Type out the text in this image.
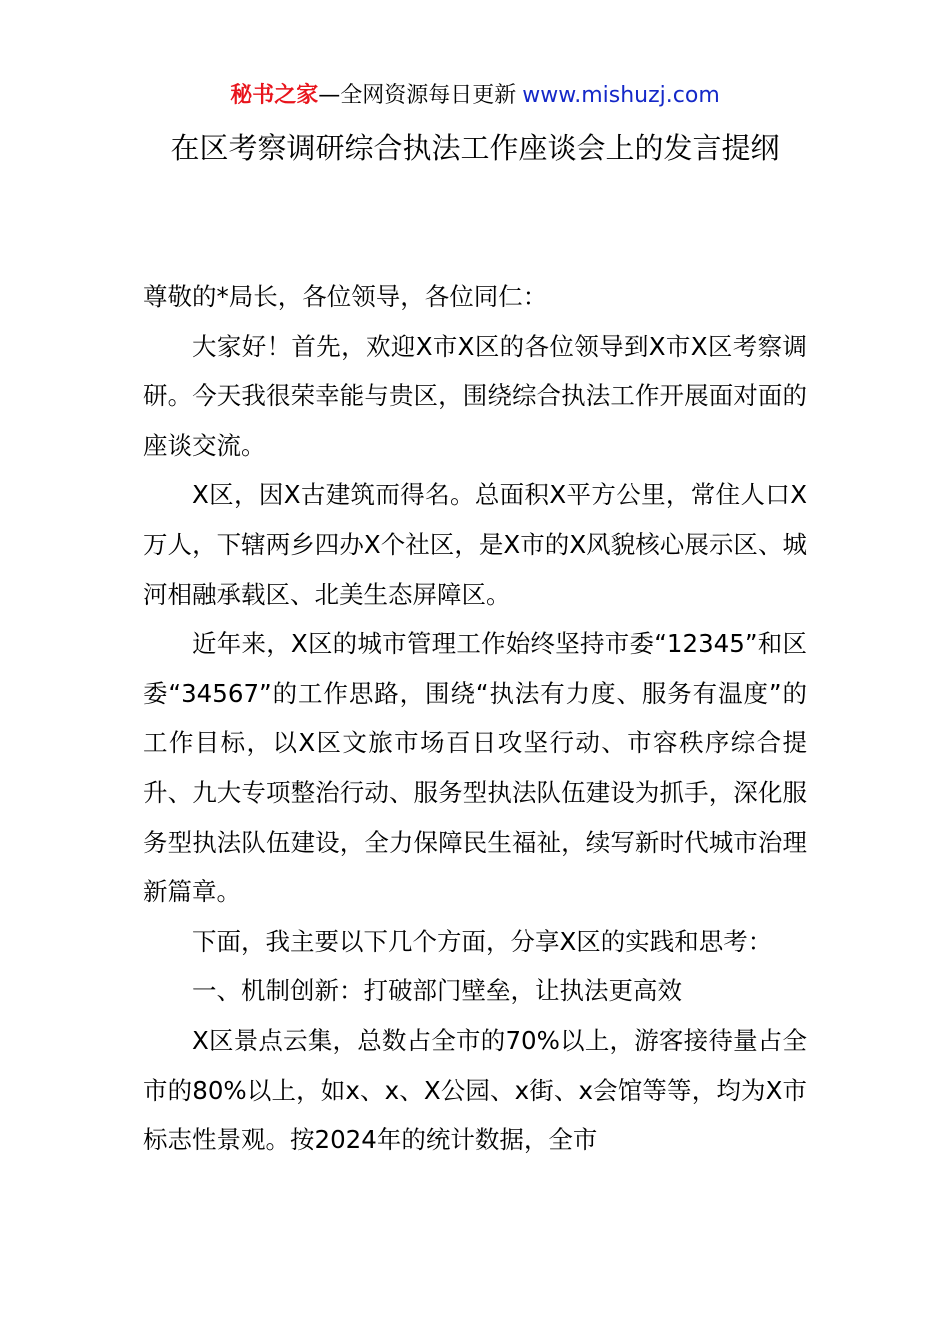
秘书之家—全网资源每日更新 www.mishuzj.com
在区考察调研综合执法工作座谈会上的发言提纲

尊敬的*局长，各位领导，各位同仁：

大家好！首先，欢迎X市X区的各位领导到X市X区考察调研。今天我很荣幸能与贵区，围绕综合执法工作开展面对面的座谈交流。

X区，因X古建筑而得名。总面积X平方公里，常住人口X万人，下辖两乡四办X个社区，是X市的X风貌核心展示区、城河相融承载区、北美生态屏障区。

近年来，X区的城市管理工作始终坚持市委“12345”和区委“34567”的工作思路，围绕“执法有力度、服务有温度”的工作目标，以X区文旅市场百日攻坚行动、市容秩序综合提升、九大专项整治行动、服务型执法队伍建设为抓手，深化服务型执法队伍建设，全力保障民生福祉，续写新时代城市治理新篇章。

下面，我主要以下几个方面，分享X区的实践和思考：

一、机制创新：打破部门壁垒，让执法更高效

X区景点云集，总数占全市的70%以上，游客接待量占全市的80%以上，如x、x、X公园、x街、x会馆等等，均为X市标志性景观。按2024年的统计数据，全市
